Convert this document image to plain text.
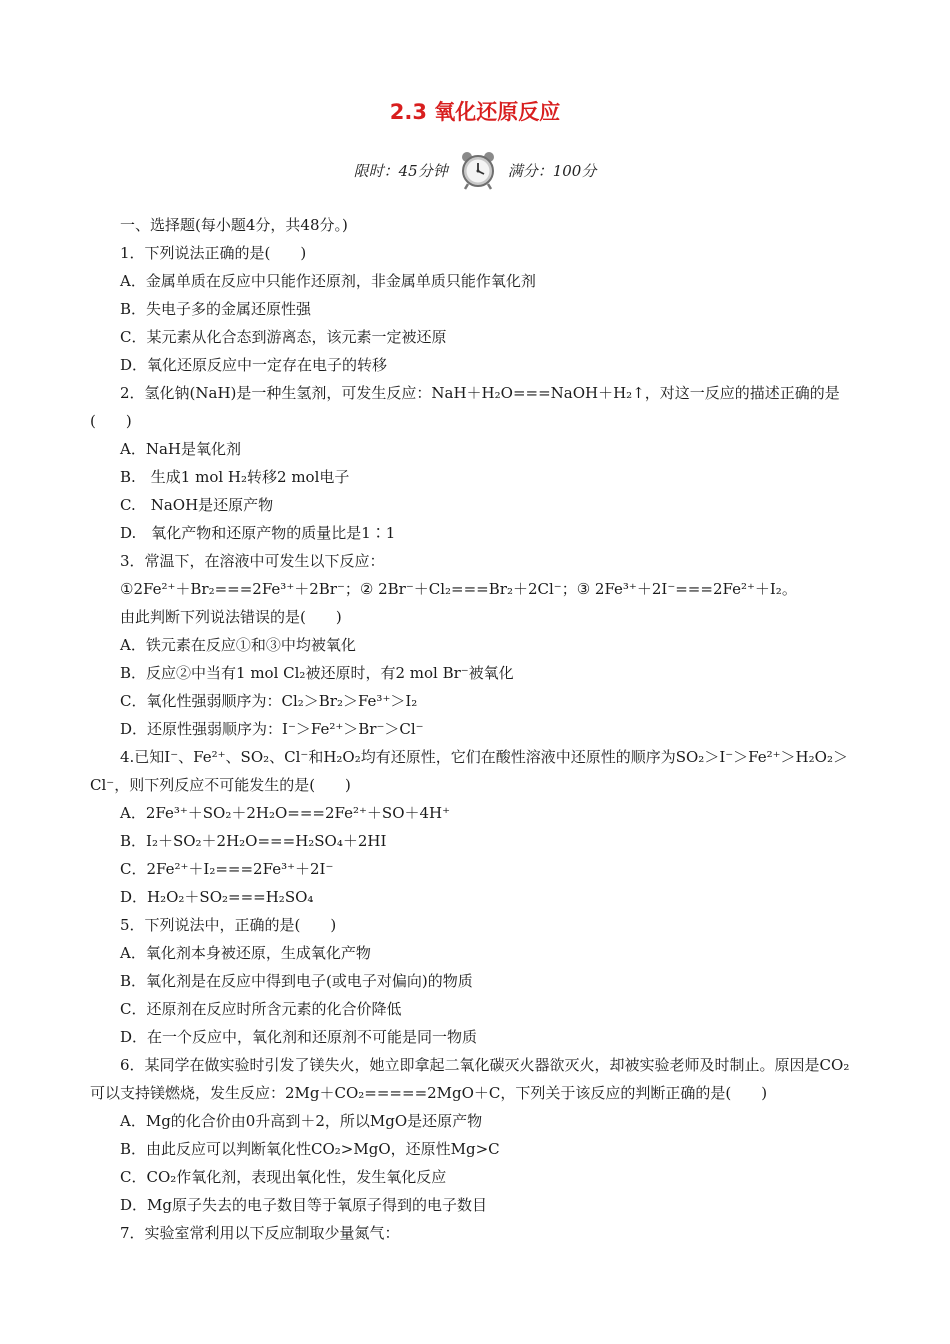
2.3 氧化还原反应
限时：45分钟	满分：100分
一、选择题(每小题4分，共48分。)
1．下列说法正确的是(　　)
A．金属单质在反应中只能作还原剂，非金属单质只能作氧化剂
B．失电子多的金属还原性强
C．某元素从化合态到游离态，该元素一定被还原
D．氧化还原反应中一定存在电子的转移
2．氢化钠(NaH)是一种生氢剂，可发生反应：NaH＋H₂O===NaOH＋H₂↑，对这一反应的描述正确的是(　　)
A．NaH是氧化剂
B.　生成1 mol H₂转移2 mol电子
C.　NaOH是还原产物
D.　氧化产物和还原产物的质量比是1∶1
3．常温下，在溶液中可发生以下反应：
①2Fe²⁺＋Br₂===2Fe³⁺＋2Br⁻；② 2Br⁻＋Cl₂===Br₂＋2Cl⁻；③ 2Fe³⁺＋2I⁻===2Fe²⁺＋I₂。
由此判断下列说法错误的是(　　)
A．铁元素在反应①和③中均被氧化
B．反应②中当有1 mol Cl₂被还原时，有2 mol Br⁻被氧化
C．氧化性强弱顺序为：Cl₂＞Br₂＞Fe³⁺＞I₂
D．还原性强弱顺序为：I⁻＞Fe²⁺＞Br⁻＞Cl⁻
4.已知I⁻、Fe²⁺、SO₂、Cl⁻和H₂O₂均有还原性，它们在酸性溶液中还原性的顺序为SO₂＞I⁻＞Fe²⁺＞H₂O₂＞Cl⁻，则下列反应不可能发生的是(　　)
A．2Fe³⁺＋SO₂＋2H₂O===2Fe²⁺＋SO＋4H⁺
B．I₂＋SO₂＋2H₂O===H₂SO₄＋2HI
C．2Fe²⁺＋I₂===2Fe³⁺＋2I⁻
D．H₂O₂＋SO₂===H₂SO₄
5．下列说法中，正确的是(　　)
A．氧化剂本身被还原，生成氧化产物
B．氧化剂是在反应中得到电子(或电子对偏向)的物质
C．还原剂在反应时所含元素的化合价降低
D．在一个反应中，氧化剂和还原剂不可能是同一物质
6．某同学在做实验时引发了镁失火，她立即拿起二氧化碳灭火器欲灭火，却被实验老师及时制止。原因是CO₂可以支持镁燃烧，发生反应：2Mg＋CO₂=====2MgO＋C，下列关于该反应的判断正确的是(　　)
A．Mg的化合价由0升高到＋2，所以MgO是还原产物
B．由此反应可以判断氧化性CO₂>MgO，还原性Mg>C
C．CO₂作氧化剂，表现出氧化性，发生氧化反应
D．Mg原子失去的电子数目等于氧原子得到的电子数目
7．实验室常利用以下反应制取少量氮气：
